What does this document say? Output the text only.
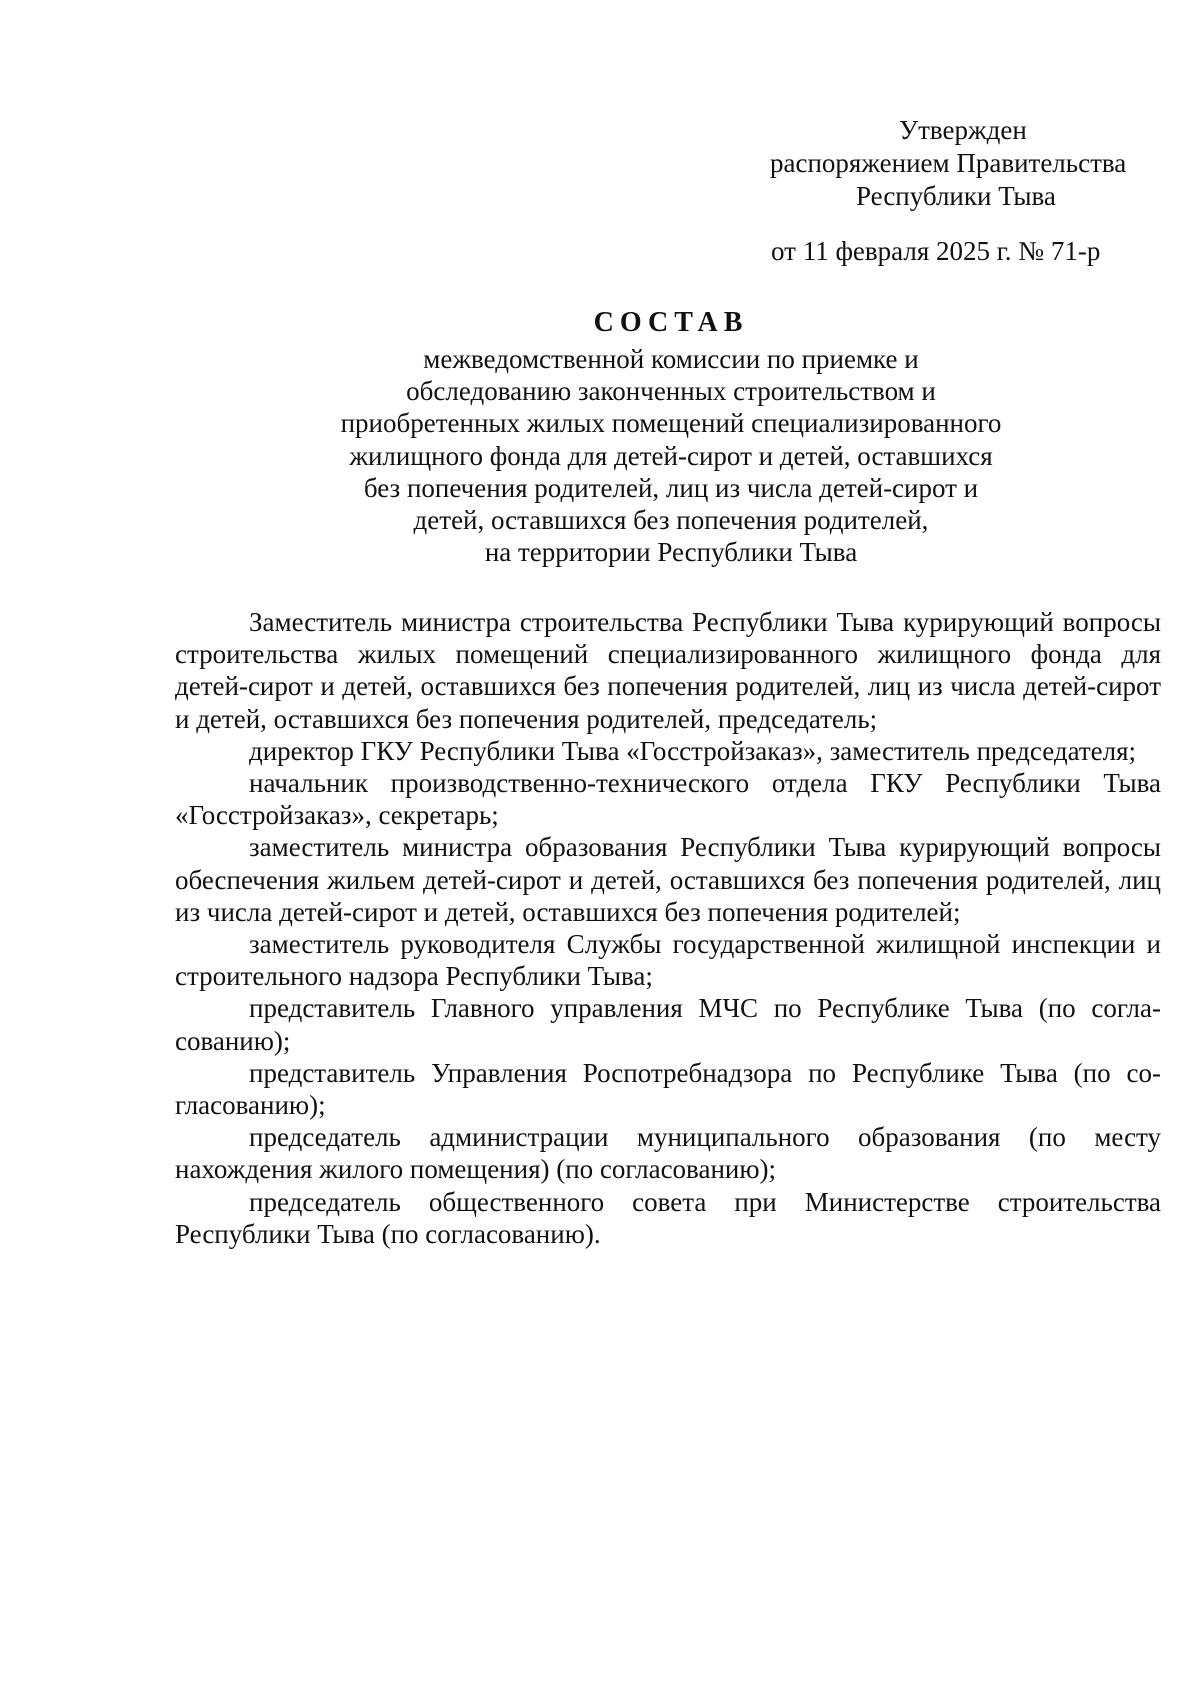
Утвержден
распоряжением Правительства
Республики Тыва
от 11 февраля 2025 г. № 71-р
СОСТАВ
межведомственной комиссии по приемке и
обследованию законченных строительством и
приобретенных жилых помещений специализированного
жилищного фонда для детей-сирот и детей, оставшихся
без попечения родителей, лиц из числа детей-сирот и
детей, оставшихся без попечения родителей,
на территории Республики Тыва

Заместитель министра строительства Республики Тыва курирующий вопросы строительства жилых помещений специализированного жилищного фонда для детей-сирот и детей, оставшихся без попечения родителей, лиц из числа детей-сирот и детей, оставшихся без попечения родителей, председатель;

директор ГКУ Республики Тыва «Госстройзаказ», заместитель председателя;

начальник производственно-технического отдела ГКУ Республики Тыва «Госстройзаказ», секретарь;

заместитель министра образования Республики Тыва курирующий вопросы обеспечения жильем детей-сирот и детей, оставшихся без попечения родителей, лиц из числа детей-сирот и детей, оставшихся без попечения родителей;

заместитель руководителя Службы государственной жилищной инспекции и строительного надзора Республики Тыва;

представитель Главного управления МЧС по Республике Тыва (по согласованию);

представитель Управления Роспотребнадзора по Республике Тыва (по согласованию);

председатель администрации муниципального образования (по месту нахождения жилого помещения) (по согласованию);

председатель общественного совета при Министерстве строительства Республики Тыва (по согласованию).
